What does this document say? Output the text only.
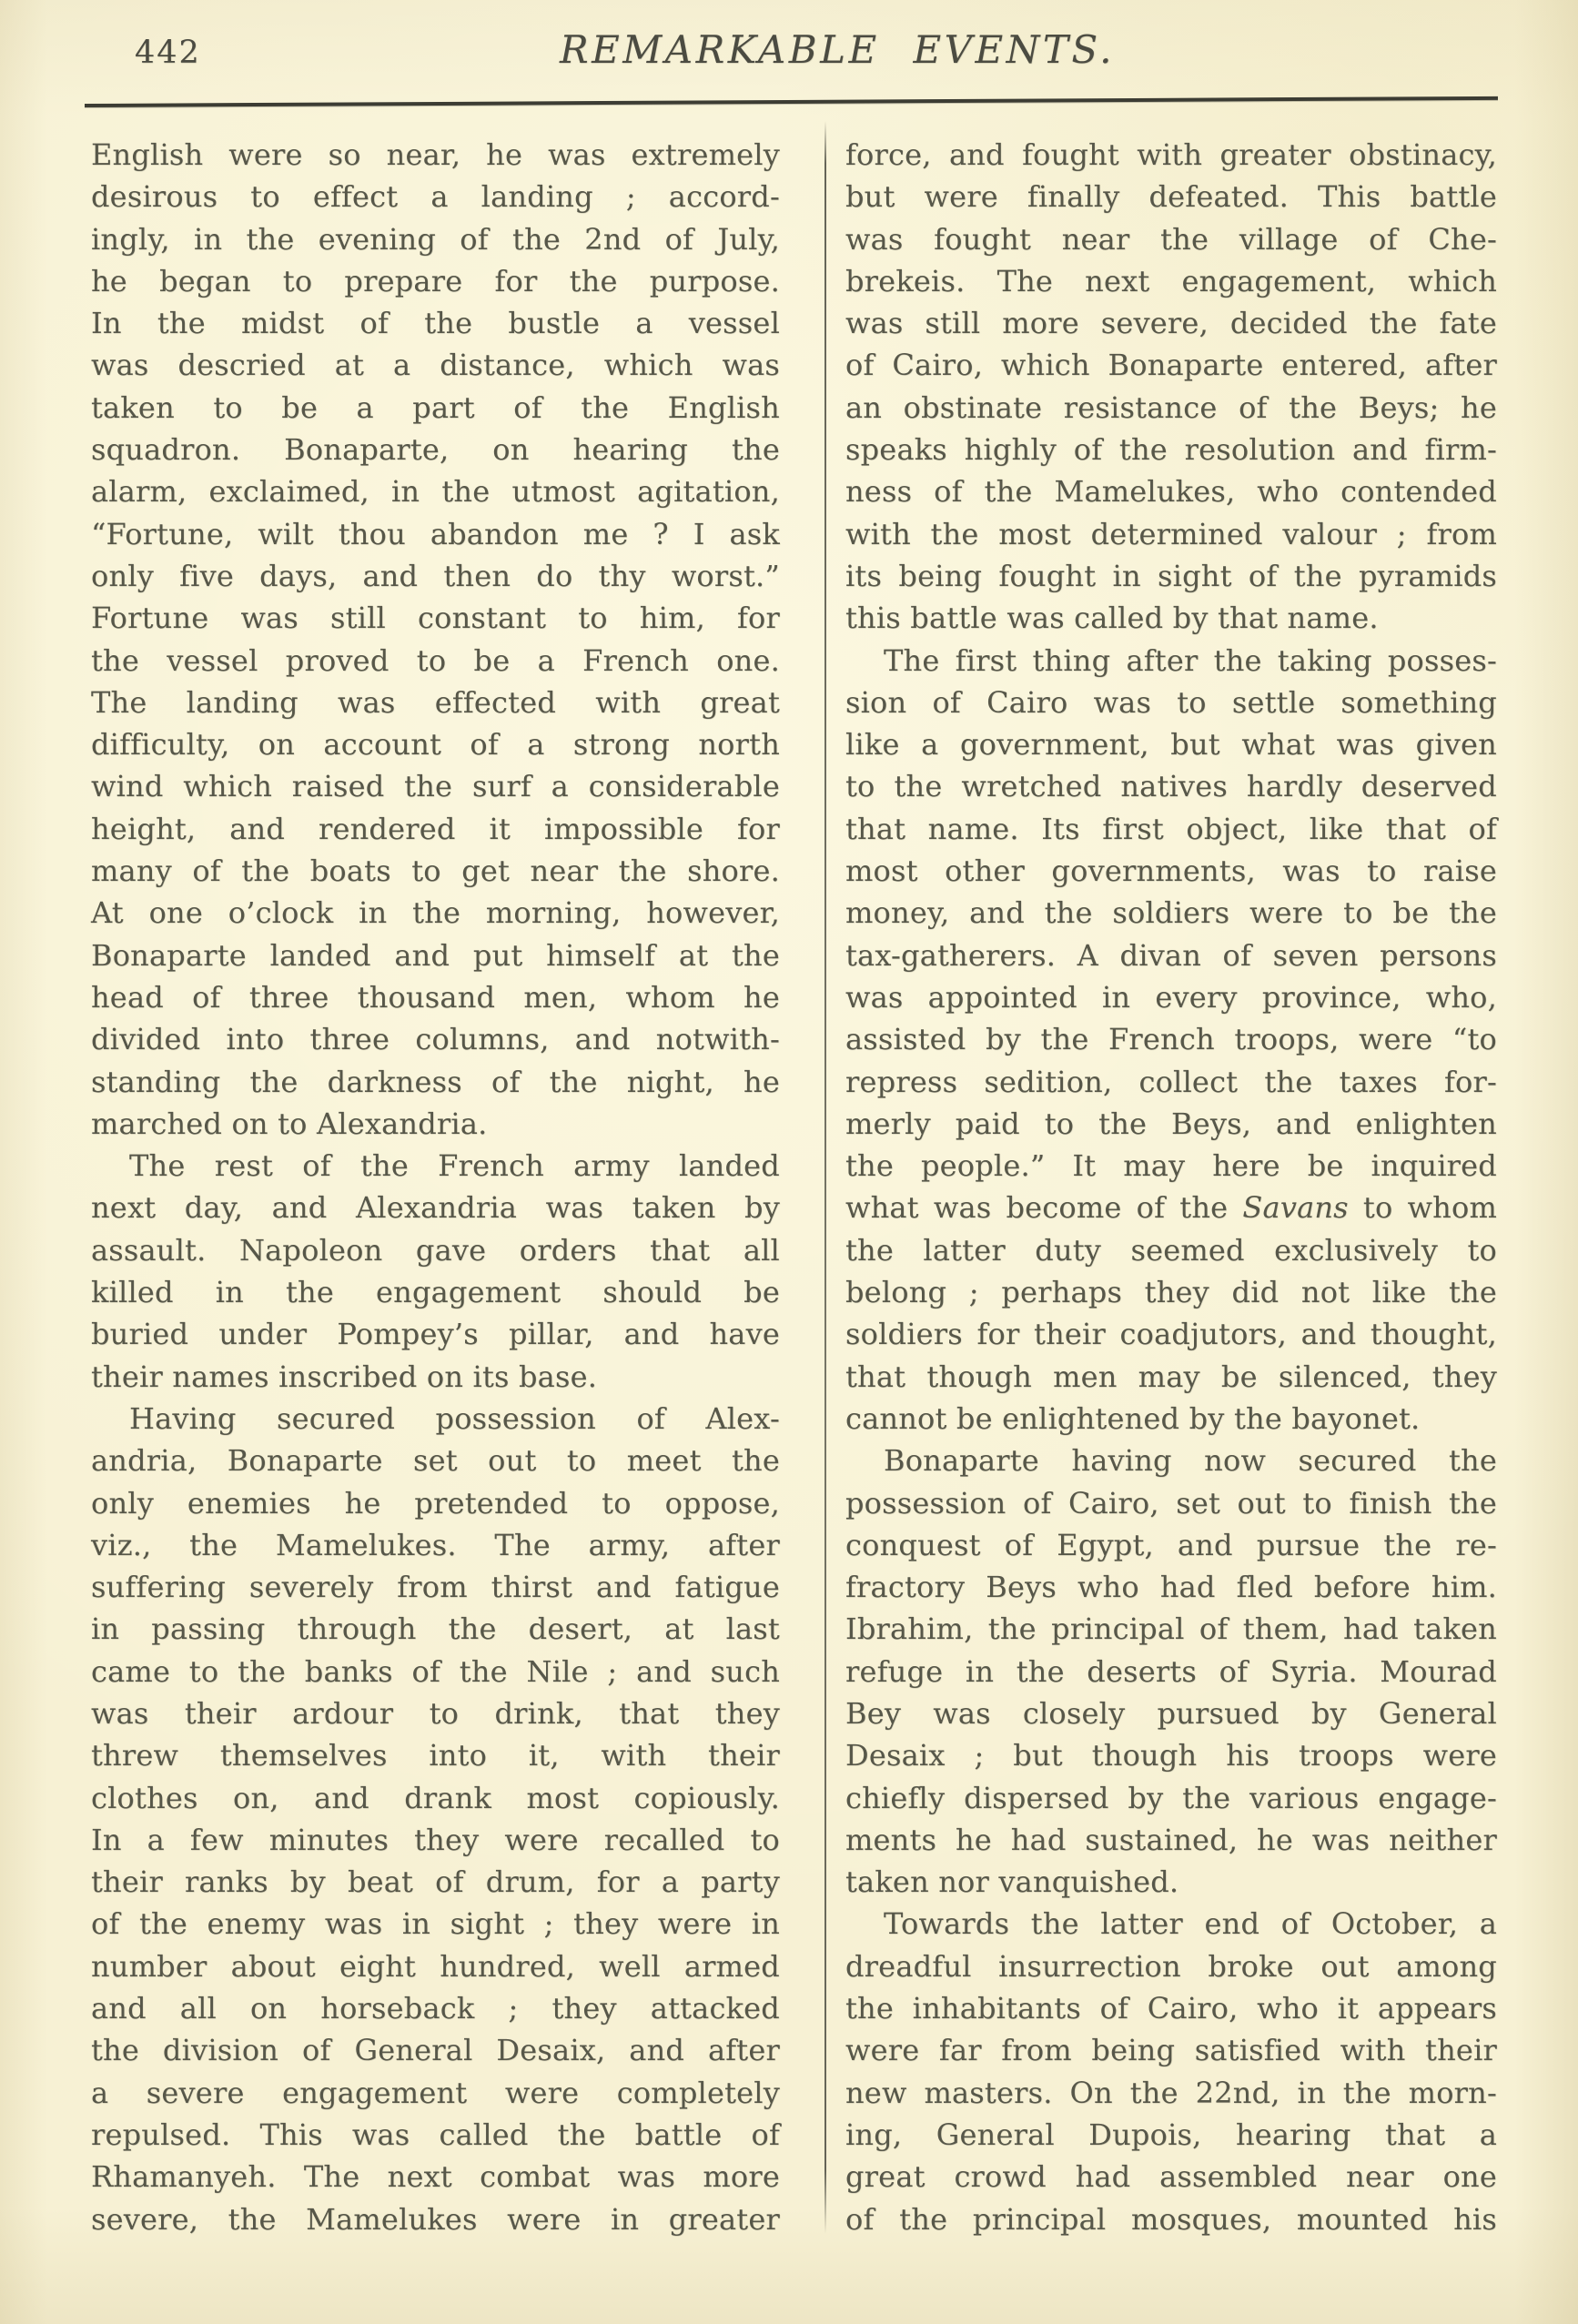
442	REMARKABLE EVENTS.
English were so near, he was extremely
desirous to effect a landing ; accord-
ingly, in the evening of the 2nd of July,
he began to prepare for the purpose.
In the midst of the bustle a vessel
was descried at a distance, which was
taken to be a part of the English
squadron. Bonaparte, on hearing the
alarm, exclaimed, in the utmost agitation,
“Fortune, wilt thou abandon me ? I ask
only five days, and then do thy worst.”
Fortune was still constant to him, for
the vessel proved to be a French one.
The landing was effected with great
difficulty, on account of a strong north
wind which raised the surf a considerable
height, and rendered it impossible for
many of the boats to get near the shore.
At one o’clock in the morning, however,
Bonaparte landed and put himself at the
head of three thousand men, whom he
divided into three columns, and notwith-
standing the darkness of the night, he
marched on to Alexandria.
The rest of the French army landed
next day, and Alexandria was taken by
assault. Napoleon gave orders that all
killed in the engagement should be
buried under Pompey’s pillar, and have
their names inscribed on its base.
Having secured possession of Alex-
andria, Bonaparte set out to meet the
only enemies he pretended to oppose,
viz., the Mamelukes. The army, after
suffering severely from thirst and fatigue
in passing through the desert, at last
came to the banks of the Nile ; and such
was their ardour to drink, that they
threw themselves into it, with their
clothes on, and drank most copiously.
In a few minutes they were recalled to
their ranks by beat of drum, for a party
of the enemy was in sight ; they were in
number about eight hundred, well armed
and all on horseback ; they attacked
the division of General Desaix, and after
a severe engagement were completely
repulsed. This was called the battle of
Rhamanyeh. The next combat was more
severe, the Mamelukes were in greater
force, and fought with greater obstinacy,
but were finally defeated. This battle
was fought near the village of Che-
brekeis. The next engagement, which
was still more severe, decided the fate
of Cairo, which Bonaparte entered, after
an obstinate resistance of the Beys; he
speaks highly of the resolution and firm-
ness of the Mamelukes, who contended
with the most determined valour ; from
its being fought in sight of the pyramids
this battle was called by that name.
The first thing after the taking posses-
sion of Cairo was to settle something
like a government, but what was given
to the wretched natives hardly deserved
that name. Its first object, like that of
most other governments, was to raise
money, and the soldiers were to be the
tax-gatherers. A divan of seven persons
was appointed in every province, who,
assisted by the French troops, were “to
repress sedition, collect the taxes for-
merly paid to the Beys, and enlighten
the people.” It may here be inquired
what was become of the Savans to whom
the latter duty seemed exclusively to
belong ; perhaps they did not like the
soldiers for their coadjutors, and thought,
that though men may be silenced, they
cannot be enlightened by the bayonet.
Bonaparte having now secured the
possession of Cairo, set out to finish the
conquest of Egypt, and pursue the re-
fractory Beys who had fled before him.
Ibrahim, the principal of them, had taken
refuge in the deserts of Syria. Mourad
Bey was closely pursued by General
Desaix ; but though his troops were
chiefly dispersed by the various engage-
ments he had sustained, he was neither
taken nor vanquished.
Towards the latter end of October, a
dreadful insurrection broke out among
the inhabitants of Cairo, who it appears
were far from being satisfied with their
new masters. On the 22nd, in the morn-
ing, General Dupois, hearing that a
great crowd had assembled near one
of the principal mosques, mounted his
